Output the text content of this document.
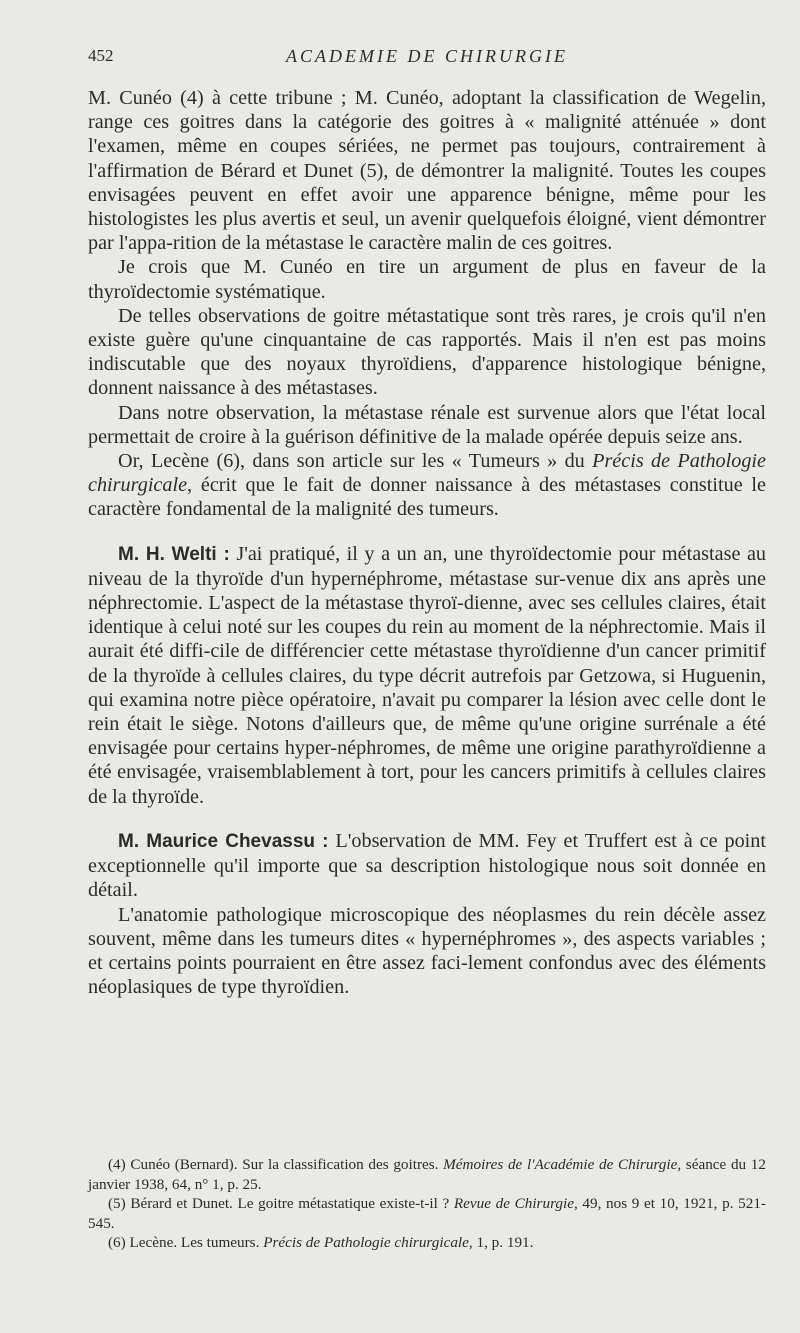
452	ACADEMIE DE CHIRURGIE

M. Cunéo (4) à cette tribune ; M. Cunéo, adoptant la classification de Wegelin, range ces goitres dans la catégorie des goitres à « malignité atténuée » dont l'examen, même en coupes sériées, ne permet pas toujours, contrairement à l'affirmation de Bérard et Dunet (5), de démontrer la malignité. Toutes les coupes envisagées peuvent en effet avoir une apparence bénigne, même pour les histologistes les plus avertis et seul, un avenir quelquefois éloigné, vient démontrer par l'appa-rition de la métastase le caractère malin de ces goitres.

Je crois que M. Cunéo en tire un argument de plus en faveur de la thyroïdectomie systématique.

De telles observations de goitre métastatique sont très rares, je crois qu'il n'en existe guère qu'une cinquantaine de cas rapportés. Mais il n'en est pas moins indiscutable que des noyaux thyroïdiens, d'apparence histologique bénigne, donnent naissance à des métastases.

Dans notre observation, la métastase rénale est survenue alors que l'état local permettait de croire à la guérison définitive de la malade opérée depuis seize ans.

Or, Lecène (6), dans son article sur les « Tumeurs » du Précis de Pathologie chirurgicale, écrit que le fait de donner naissance à des métastases constitue le caractère fondamental de la malignité des tumeurs.

M. H. Welti : J'ai pratiqué, il y a un an, une thyroïdectomie pour métastase au niveau de la thyroïde d'un hypernéphrome, métastase sur-venue dix ans après une néphrectomie. L'aspect de la métastase thyroï-dienne, avec ses cellules claires, était identique à celui noté sur les coupes du rein au moment de la néphrectomie. Mais il aurait été diffi-cile de différencier cette métastase thyroïdienne d'un cancer primitif de la thyroïde à cellules claires, du type décrit autrefois par Getzowa, si Huguenin, qui examina notre pièce opératoire, n'avait pu comparer la lésion avec celle dont le rein était le siège. Notons d'ailleurs que, de même qu'une origine surrénale a été envisagée pour certains hyper-néphromes, de même une origine parathyroïdienne a été envisagée, vraisemblablement à tort, pour les cancers primitifs à cellules claires de la thyroïde.

M. Maurice Chevassu : L'observation de MM. Fey et Truffert est à ce point exceptionnelle qu'il importe que sa description histologique nous soit donnée en détail.

L'anatomie pathologique microscopique des néoplasmes du rein décèle assez souvent, même dans les tumeurs dites « hypernéphromes », des aspects variables ; et certains points pourraient en être assez faci-lement confondus avec des éléments néoplasiques de type thyroïdien.

(4) Cunéo (Bernard). Sur la classification des goitres. Mémoires de l'Académie de Chirurgie, séance du 12 janvier 1938, 64, n° 1, p. 25.

(5) Bérard et Dunet. Le goitre métastatique existe-t-il ? Revue de Chirurgie, 49, nos 9 et 10, 1921, p. 521-545.

(6) Lecène. Les tumeurs. Précis de Pathologie chirurgicale, 1, p. 191.
